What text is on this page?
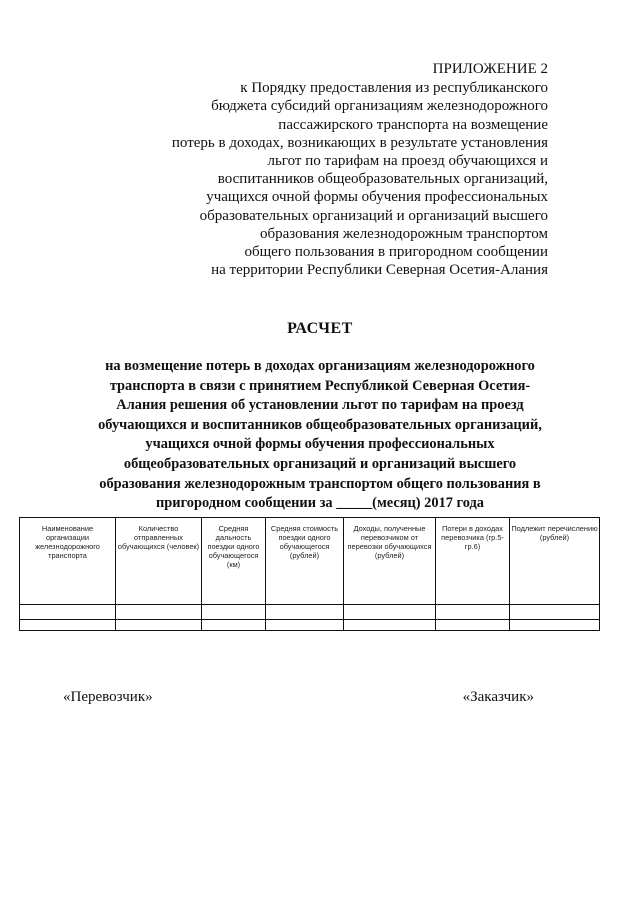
ПРИЛОЖЕНИЕ 2
к Порядку предоставления из республиканского
бюджета субсидий организациям железнодорожного
пассажирского транспорта на возмещение
потерь в доходах, возникающих в результате установления
льгот по тарифам на проезд обучающихся и
воспитанников общеобразовательных организаций,
учащихся очной формы обучения профессиональных
образовательных организаций и организаций высшего
образования железнодорожным транспортом
общего пользования в пригородном сообщении
на территории Республики Северная Осетия-Алания
РАСЧЕТ
на возмещение потерь в доходах организациям железнодорожного
транспорта в связи с принятием Республикой Северная Осетия-
Алания решения об установлении льгот по тарифам на проезд
обучающихся и воспитанников общеобразовательных организаций,
учащихся очной формы обучения профессиональных
общеобразовательных организаций и организаций высшего
образования железнодорожным транспортом общего пользования в
пригородном сообщении за _____(месяц) 2017 года
Наименование организации железнодорожного транспорта	Количество отправленных обучающихся (человек)	Средняя дальность поездки одного обучающегося (км)	Средняя стоимость поездки одного обучающегося (рублей)	Доходы, полученные перевозчиком от перевозки обучающихся (рублей)	Потери в доходах перевозчика (гр.5-гр.6)	Подлежит перечислению (рублей)

«Перевозчик»	«Заказчик»
